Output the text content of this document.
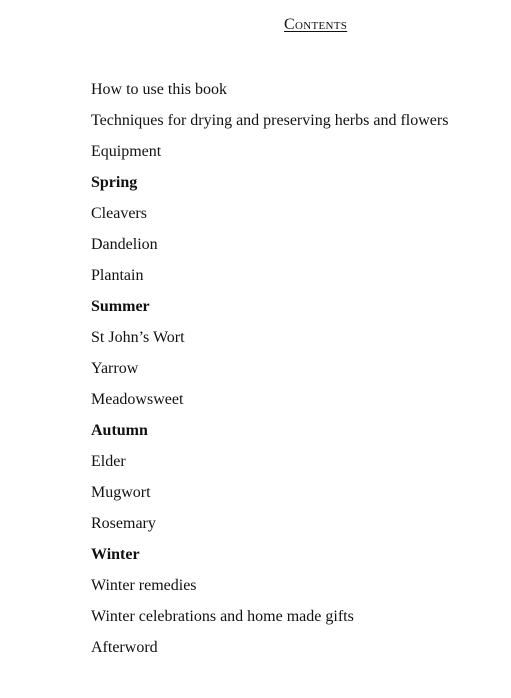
Contents
How to use this book
Techniques for drying and preserving herbs and flowers
Equipment
Spring
Cleavers
Dandelion
Plantain
Summer
St John’s Wort
Yarrow
Meadowsweet
Autumn
Elder
Mugwort
Rosemary
Winter
Winter remedies
Winter celebrations and home made gifts
Afterword
